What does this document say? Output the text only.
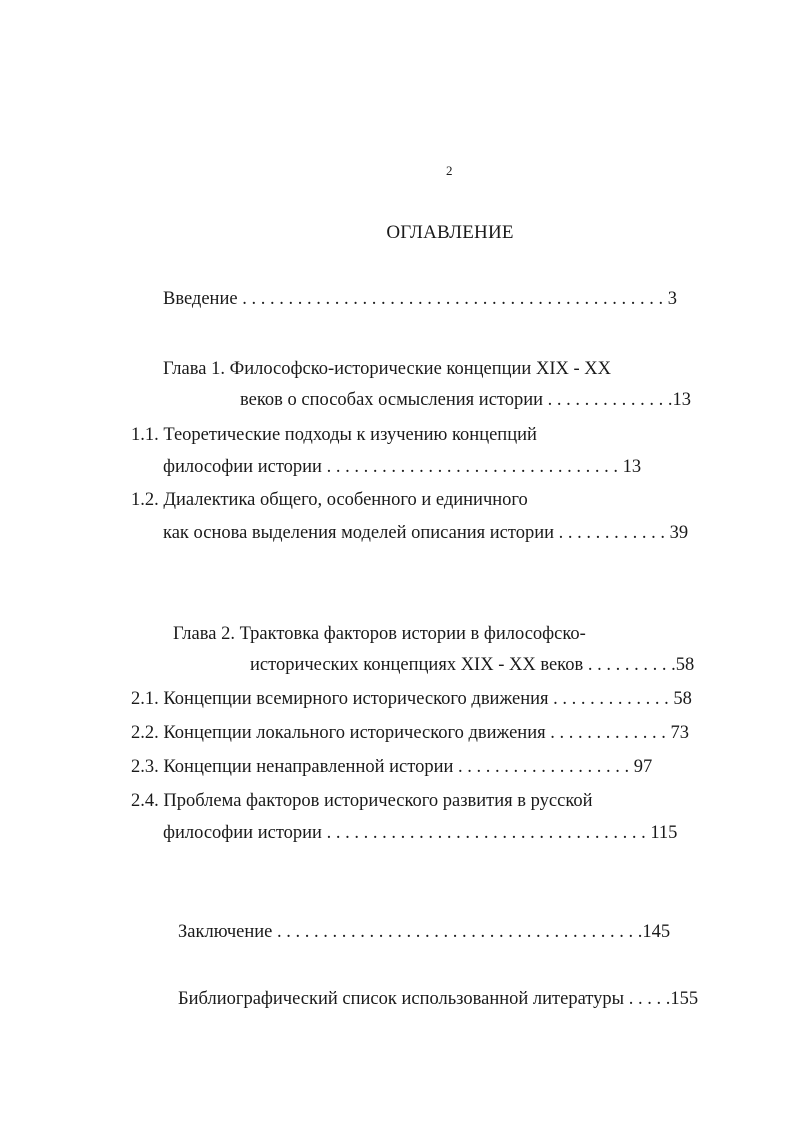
2
ОГЛАВЛЕНИЕ
Введение . . . . . . . . . . . . . . . . . . . . . . . . . . . . . . . . . . . . . . . . . . . . . . 3
Глава 1. Философско-исторические концепции XIX - XX
веков о способах осмысления истории . . . . . . . . . . . . . .13
1.1. Теоретические подходы к изучению концепций
философии истории . . . . . . . . . . . . . . . . . . . . . . . . . . . . . . . . 13
1.2. Диалектика общего, особенного и единичного
как основа выделения моделей описания истории . . . . . . . . . . . . 39
Глава 2. Трактовка факторов истории в философско-
исторических концепциях XIX - XX веков . . . . . . . . . .58
2.1. Концепции всемирного исторического движения . . . . . . . . . . . . . 58
2.2. Концепции локального исторического движения . . . . . . . . . . . . . 73
2.3. Концепции ненаправленной истории . . . . . . . . . . . . . . . . . . . 97
2.4. Проблема факторов исторического развития в русской
философии истории . . . . . . . . . . . . . . . . . . . . . . . . . . . . . . . . . . . 115
Заключение . . . . . . . . . . . . . . . . . . . . . . . . . . . . . . . . . . . . . . . .145
Библиографический список использованной литературы . . . . .155
